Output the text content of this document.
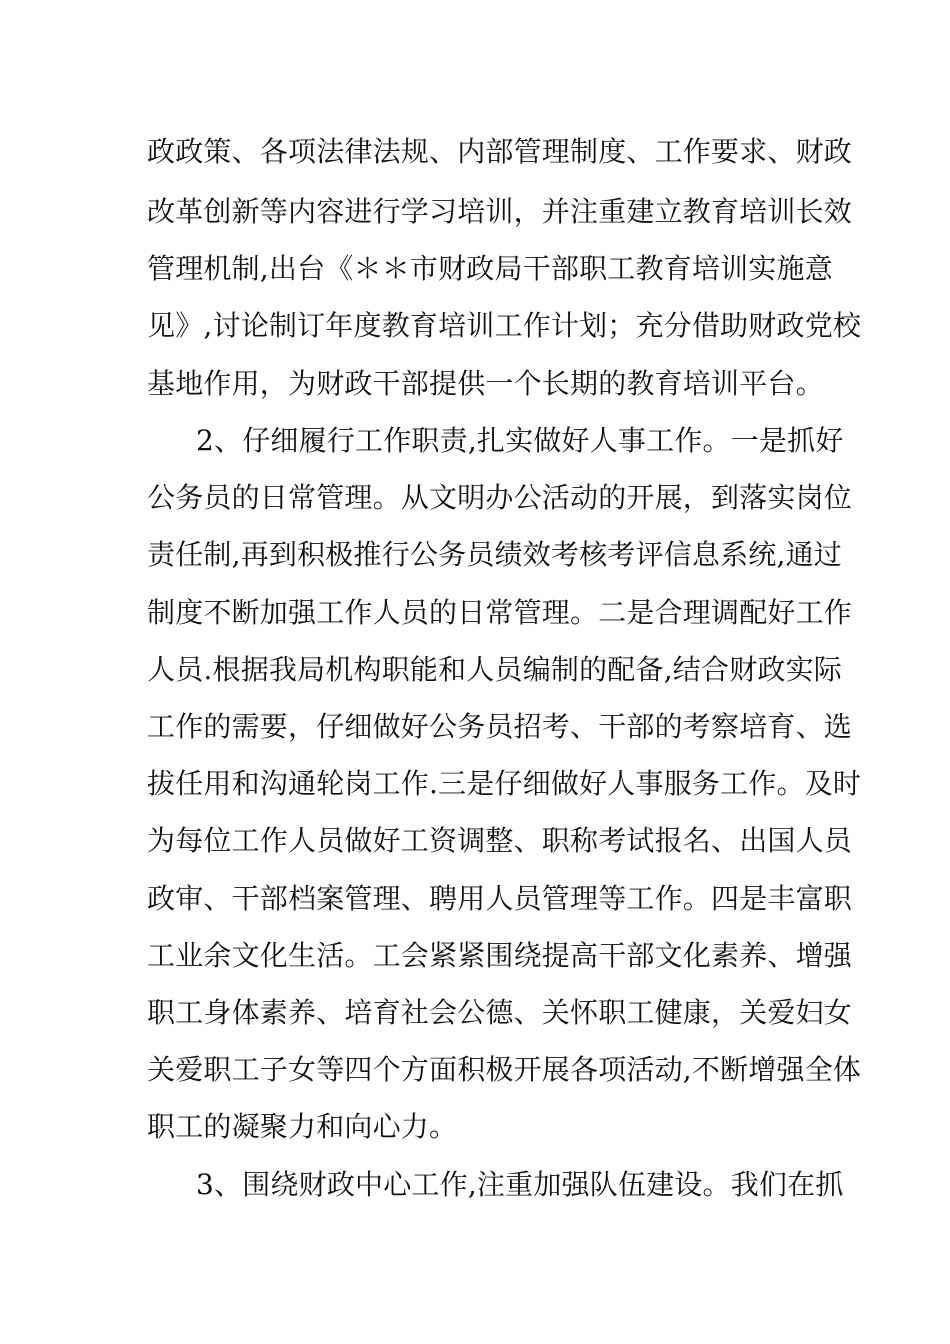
政政策、各项法律法规、内部管理制度、工作要求、财政
改革创新等内容进行学习培训，并注重建立教育培训长效
管理机制,出台《＊＊市财政局干部职工教育培训实施意
见》,讨论制订年度教育培训工作计划；充分借助财政党校
基地作用，为财政干部提供一个长期的教育培训平台。
2、仔细履行工作职责,扎实做好人事工作。一是抓好
公务员的日常管理。从文明办公活动的开展，到落实岗位
责任制,再到积极推行公务员绩效考核考评信息系统,通过
制度不断加强工作人员的日常管理。二是合理调配好工作
人员.根据我局机构职能和人员编制的配备,结合财政实际
工作的需要，仔细做好公务员招考、干部的考察培育、选
拔任用和沟通轮岗工作.三是仔细做好人事服务工作。及时
为每位工作人员做好工资调整、职称考试报名、出国人员
政审、干部档案管理、聘用人员管理等工作。四是丰富职
工业余文化生活。工会紧紧围绕提高干部文化素养、增强
职工身体素养、培育社会公德、关怀职工健康，关爱妇女
关爱职工子女等四个方面积极开展各项活动,不断增强全体
职工的凝聚力和向心力。
3、围绕财政中心工作,注重加强队伍建设。我们在抓
